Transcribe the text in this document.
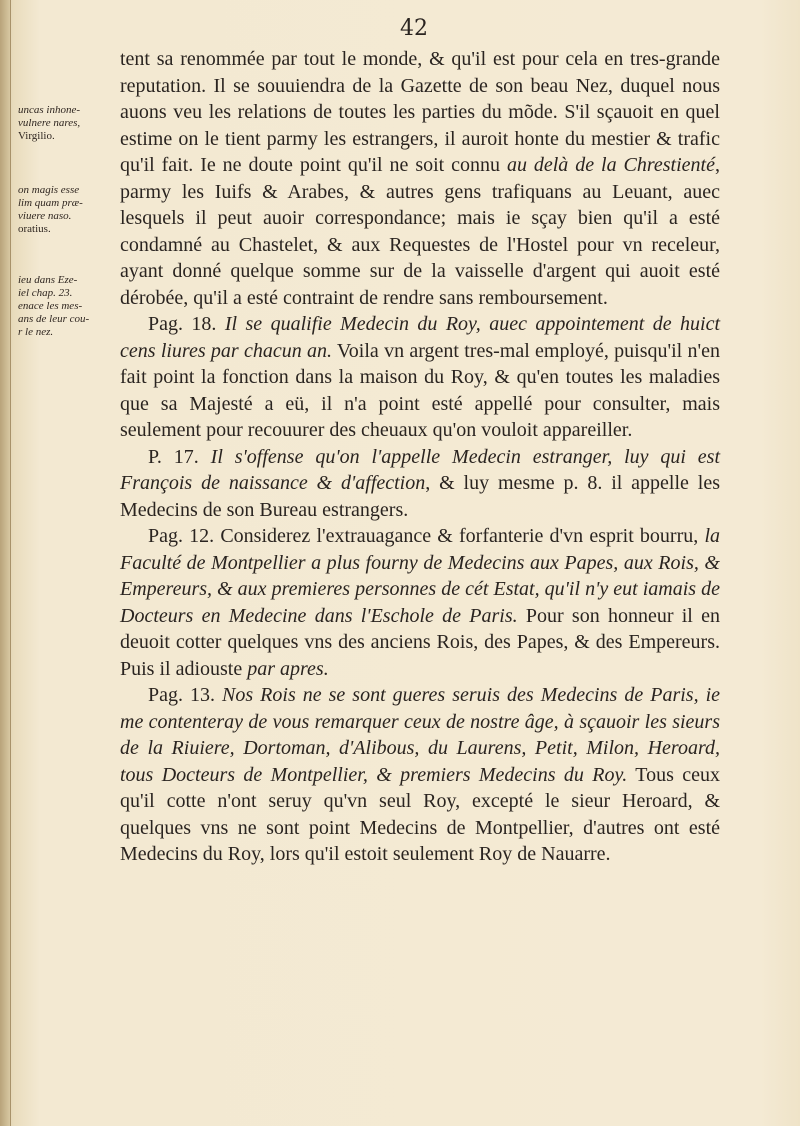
42
uncas inhone-
vulnere nares,
Virgilio.
on magis esse
lim quam præ-
viuere naso.
oratius.
ieu dans Eze-
iel chap. 23.
enace les mes-
ans de leur cou-
r le nez.

tent sa renommée par tout le monde, & qu'il est pour cela en tres-grande reputation. Il se souuiendra de la Gazette de son beau Nez, duquel nous auons veu les relations de toutes les parties du mõde. S'il sçauoit en quel estime on le tient parmy les estrangers, il auroit honte du mestier & trafic qu'il fait. Ie ne doute point qu'il ne soit connu au delà de la Chrestienté, parmy les Iuifs & Arabes, & autres gens trafiquans au Leuant, auec lesquels il peut auoir correspondance; mais ie sçay bien qu'il a esté condamné au Chastelet, & aux Requestes de l'Hostel pour vn receleur, ayant donné quelque somme sur de la vaisselle d'argent qui auoit esté dérobée, qu'il a esté contraint de rendre sans remboursement.

Pag. 18. Il se qualifie Medecin du Roy, auec appointement de huict cens liures par chacun an. Voila vn argent tres-mal employé, puisqu'il n'en fait point la fonction dans la maison du Roy, & qu'en toutes les maladies que sa Majesté a eü, il n'a point esté appellé pour consulter, mais seulement pour recouurer des cheuaux qu'on vouloit appareiller.

P. 17. Il s'offense qu'on l'appelle Medecin estranger, luy qui est François de naissance & d'affection, & luy mesme p. 8. il appelle les Medecins de son Bureau estrangers.

Pag. 12. Considerez l'extrauagance & forfanterie d'vn esprit bourru, la Faculté de Montpellier a plus fourny de Medecins aux Papes, aux Rois, & Empereurs, & aux premieres personnes de cét Estat, qu'il n'y eut iamais de Docteurs en Medecine dans l'Eschole de Paris. Pour son honneur il en deuoit cotter quelques vns des anciens Rois, des Papes, & des Empereurs. Puis il adiouste par apres.

Pag. 13. Nos Rois ne se sont gueres seruis des Medecins de Paris, ie me contenteray de vous remarquer ceux de nostre âge, à sçauoir les sieurs de la Riuiere, Dortoman, d'Alibous, du Laurens, Petit, Milon, Heroard, tous Docteurs de Montpellier, & premiers Medecins du Roy. Tous ceux qu'il cotte n'ont seruy qu'vn seul Roy, excepté le sieur Heroard, & quelques vns ne sont point Medecins de Montpellier, d'autres ont esté Medecins du Roy, lors qu'il estoit seulement Roy de Nauarre.
